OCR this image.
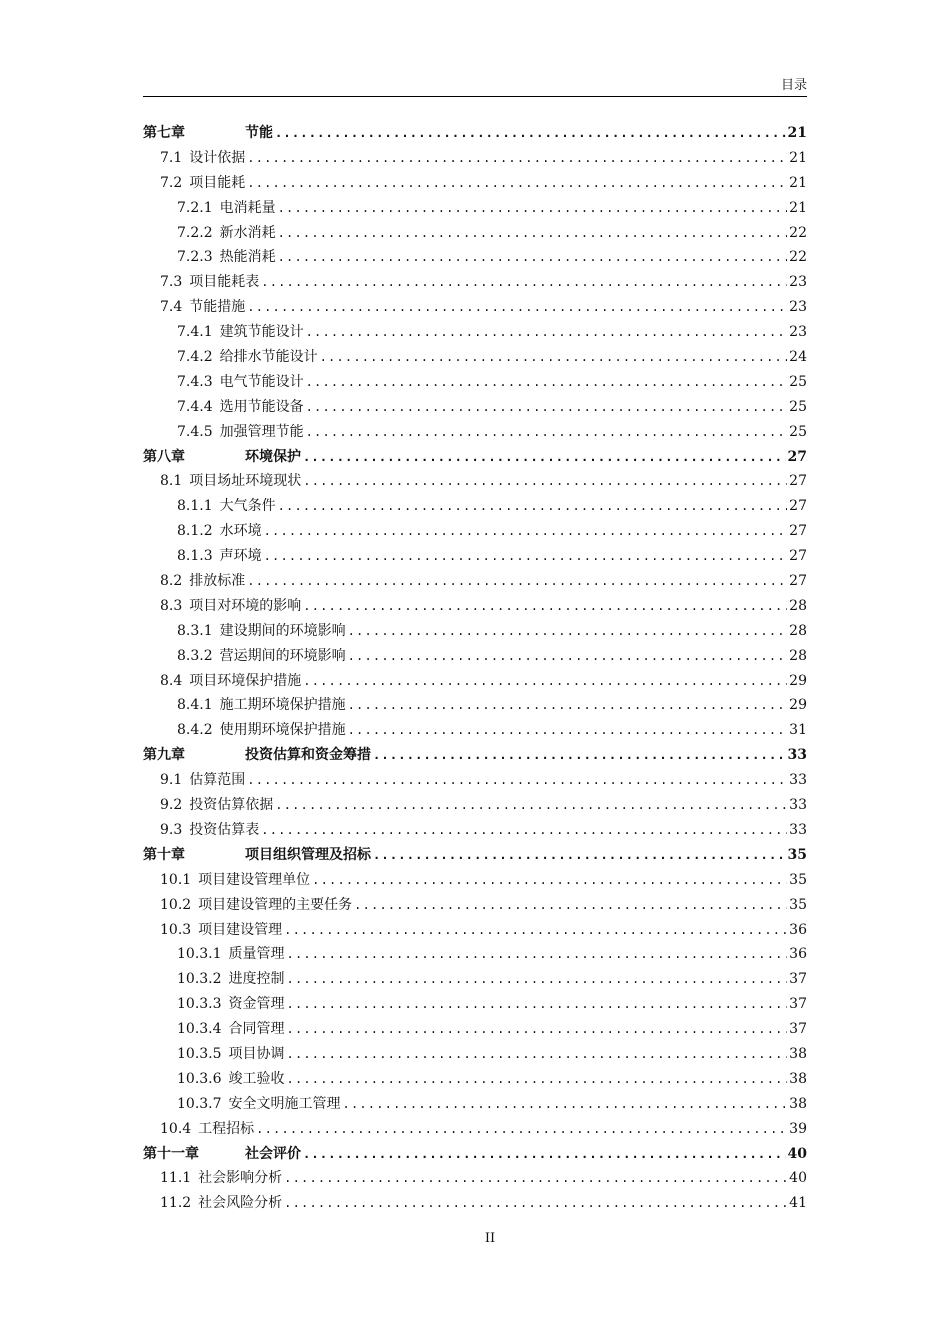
目录
第七章	节能 .....	21
7.1 设计依据 .....	21
7.2 项目能耗 .....	21
7.2.1 电消耗量 .....	21
7.2.2 新水消耗 .....	22
7.2.3 热能消耗 .....	22
7.3 项目能耗表 .....	23
7.4 节能措施 .....	23
7.4.1 建筑节能设计 .....	23
7.4.2 给排水节能设计 .....	24
7.4.3 电气节能设计 .....	25
7.4.4 选用节能设备 .....	25
7.4.5 加强管理节能 .....	25
第八章	环境保护 .....	27
8.1 项目场址环境现状 .....	27
8.1.1 大气条件 .....	27
8.1.2 水环境 .....	27
8.1.3 声环境 .....	27
8.2 排放标准 .....	27
8.3 项目对环境的影响 .....	28
8.3.1 建设期间的环境影响 .....	28
8.3.2 营运期间的环境影响 .....	28
8.4 项目环境保护措施 .....	29
8.4.1 施工期环境保护措施 .....	29
8.4.2 使用期环境保护措施 .....	31
第九章	投资估算和资金筹措 .....	33
9.1 估算范围 .....	33
9.2 投资估算依据 .....	33
9.3 投资估算表 .....	33
第十章	项目组织管理及招标 .....	35
10.1 项目建设管理单位 .....	35
10.2 项目建设管理的主要任务 .....	35
10.3 项目建设管理 .....	36
10.3.1 质量管理 .....	36
10.3.2 进度控制 .....	37
10.3.3 资金管理 .....	37
10.3.4 合同管理 .....	37
10.3.5 项目协调 .....	38
10.3.6 竣工验收 .....	38
10.3.7 安全文明施工管理 .....	38
10.4 工程招标 .....	39
第十一章	社会评价 .....	40
11.1 社会影响分析 .....	40
11.2 社会风险分析 .....	41
II
